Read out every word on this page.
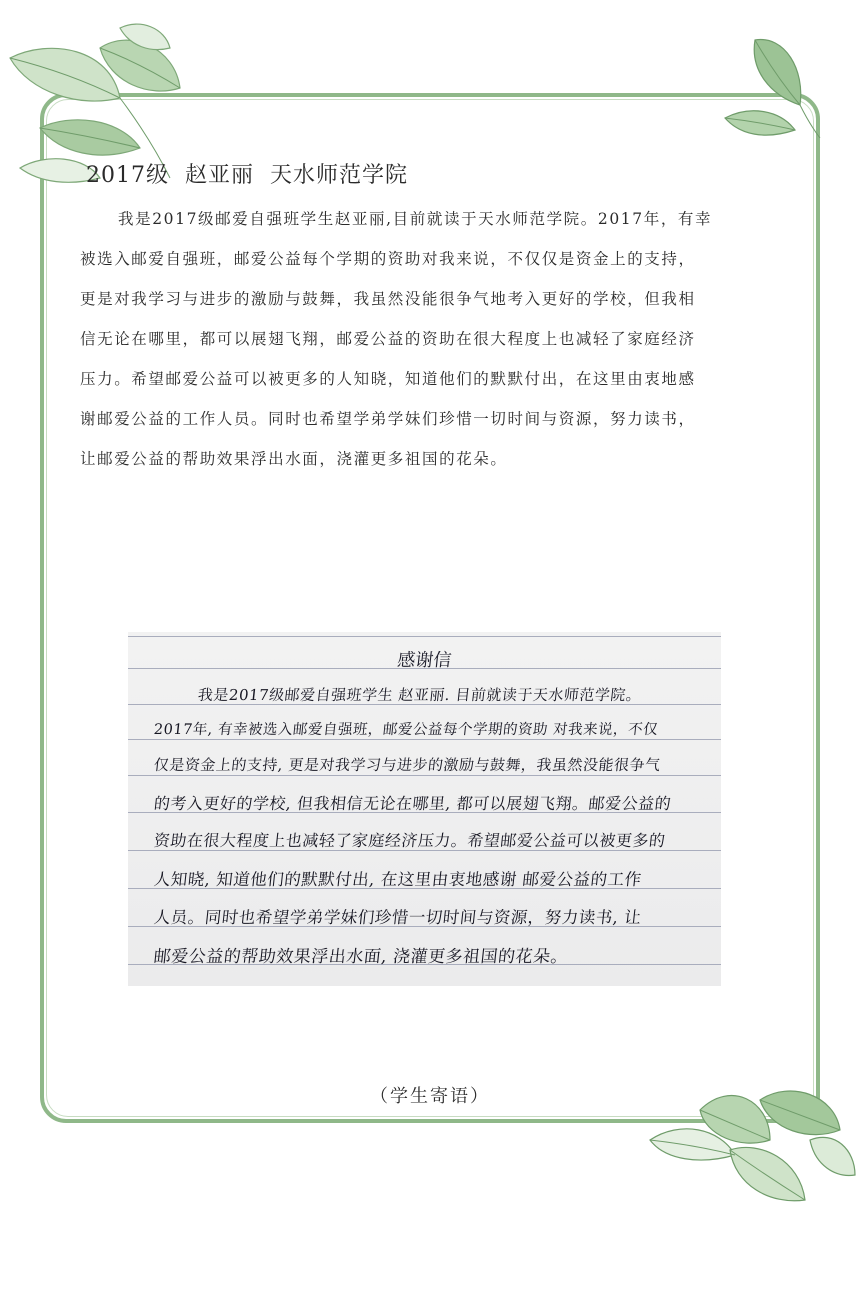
2017级  赵亚丽  天水师范学院
我是2017级邮爱自强班学生赵亚丽,目前就读于天水师范学院。2017年，有幸
被选入邮爱自强班，邮爱公益每个学期的资助对我来说，不仅仅是资金上的支持，
更是对我学习与进步的激励与鼓舞，我虽然没能很争气地考入更好的学校，但我相
信无论在哪里，都可以展翅飞翔，邮爱公益的资助在很大程度上也减轻了家庭经济
压力。希望邮爱公益可以被更多的人知晓，知道他们的默默付出，在这里由衷地感
谢邮爱公益的工作人员。同时也希望学弟学妹们珍惜一切时间与资源，努力读书，
让邮爱公益的帮助效果浮出水面，浇灌更多祖国的花朵。
感谢信
我是2017级邮爱自强班学生 赵亚丽. 目前就读于天水师范学院。
2017年, 有幸被选入邮爱自强班，邮爱公益每个学期的资助 对我来说，不仅
仅是资金上的支持, 更是对我学习与进步的激励与鼓舞，我虽然没能很争气
的考入更好的学校, 但我相信无论在哪里, 都可以展翅飞翔。邮爱公益的
资助在很大程度上也减轻了家庭经济压力。希望邮爱公益可以被更多的
人知晓, 知道他们的默默付出, 在这里由衷地感谢 邮爱公益的工作
人员。同时也希望学弟学妹们珍惜一切时间与资源，努力读书, 让
邮爱公益的帮助效果浮出水面, 浇灌更多祖国的花朵。
（学生寄语）
